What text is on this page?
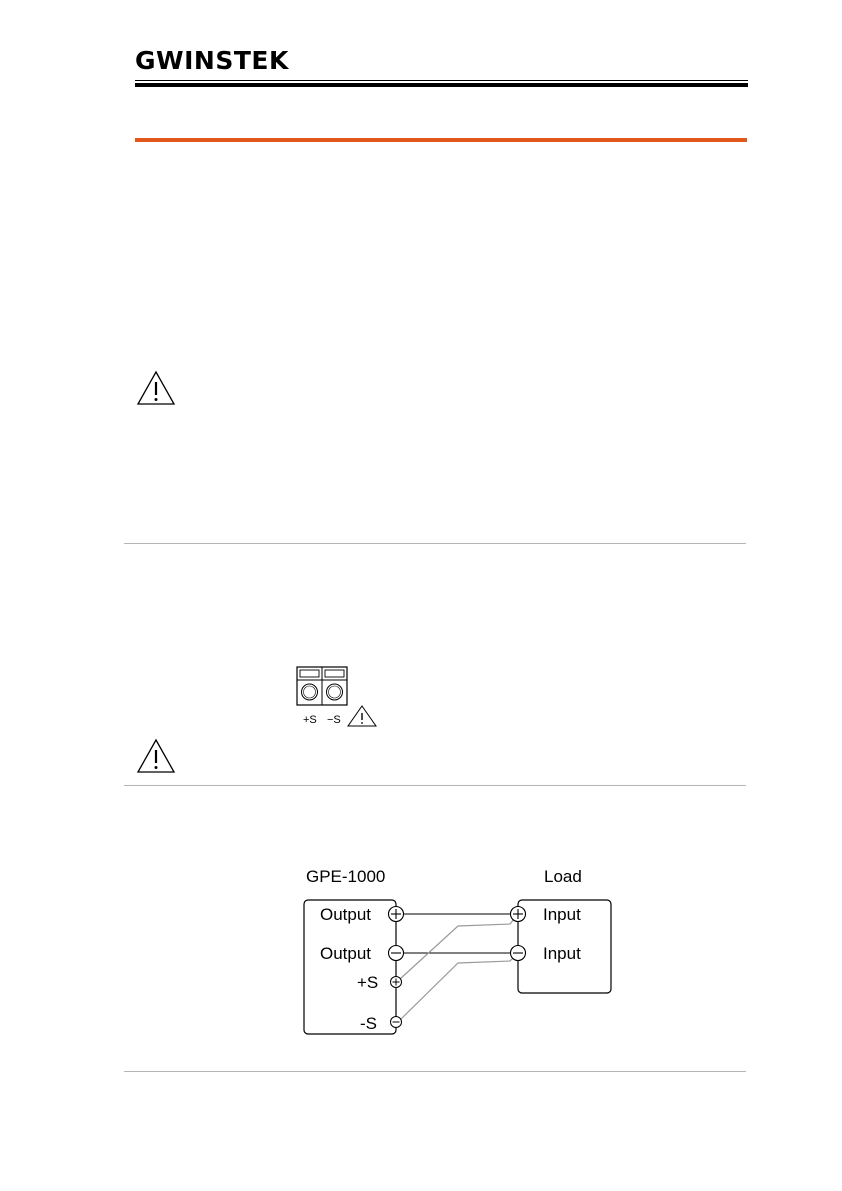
GWINSTEK
+S −S
GPE-1000	Load
Output
Output
+S
-S
Input
Input
